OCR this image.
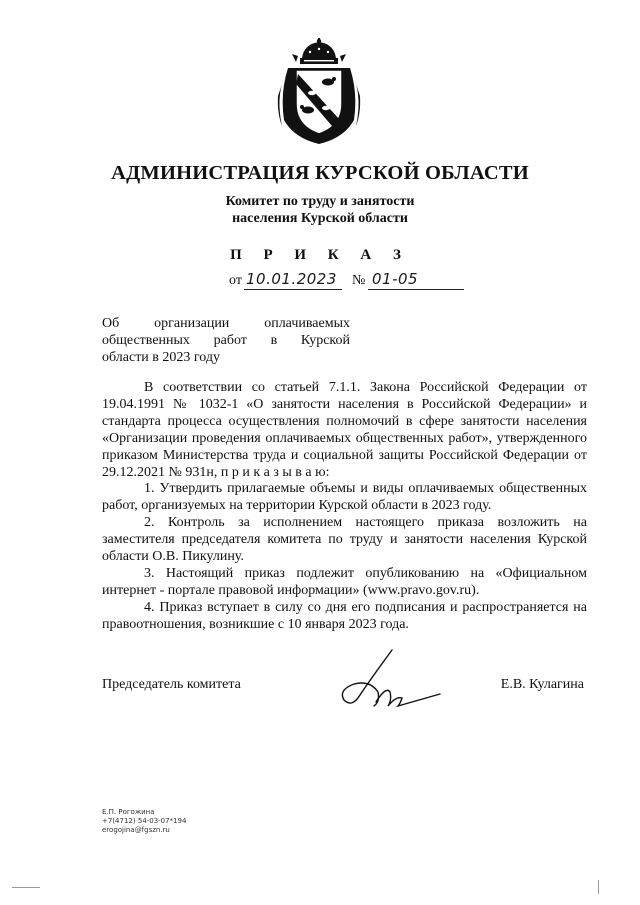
АДМИНИСТРАЦИЯ КУРСКОЙ ОБЛАСТИ
Комитет по труду и занятости
населения Курской области
П Р И К А З
от 10.01.2023 № 01-05
Об организации оплачиваемых
общественных работ в Курской
области в 2023 году

В соответствии со статьей 7.1.1. Закона Российской Федерации от 19.04.1991 № 1032-1 «О занятости населения в Российской Федерации» и стандарта процесса осуществления полномочий в сфере занятости населения «Организации проведения оплачиваемых общественных работ», утвержденного приказом Министерства труда и социальной защиты Российской Федерации от 29.12.2021 № 931н, п р и к а з ы в а ю:

1. Утвердить прилагаемые объемы и виды оплачиваемых общественных работ, организуемых на территории Курской области в 2023 году.

2. Контроль за исполнением настоящего приказа возложить на заместителя председателя комитета по труду и занятости населения Курской области О.В. Пикулину.

3. Настоящий приказ подлежит опубликованию на «Официальном интернет - портале правовой информации» (www.pravo.gov.ru).

4. Приказ вступает в силу со дня его подписания и распространяется на правоотношения, возникшие с 10 января 2023 года.

Председатель комитета	Е.В. Кулагина
Е.П. Рогожина
+7(4712) 54-03-07*194
erogojina@fgszn.ru
